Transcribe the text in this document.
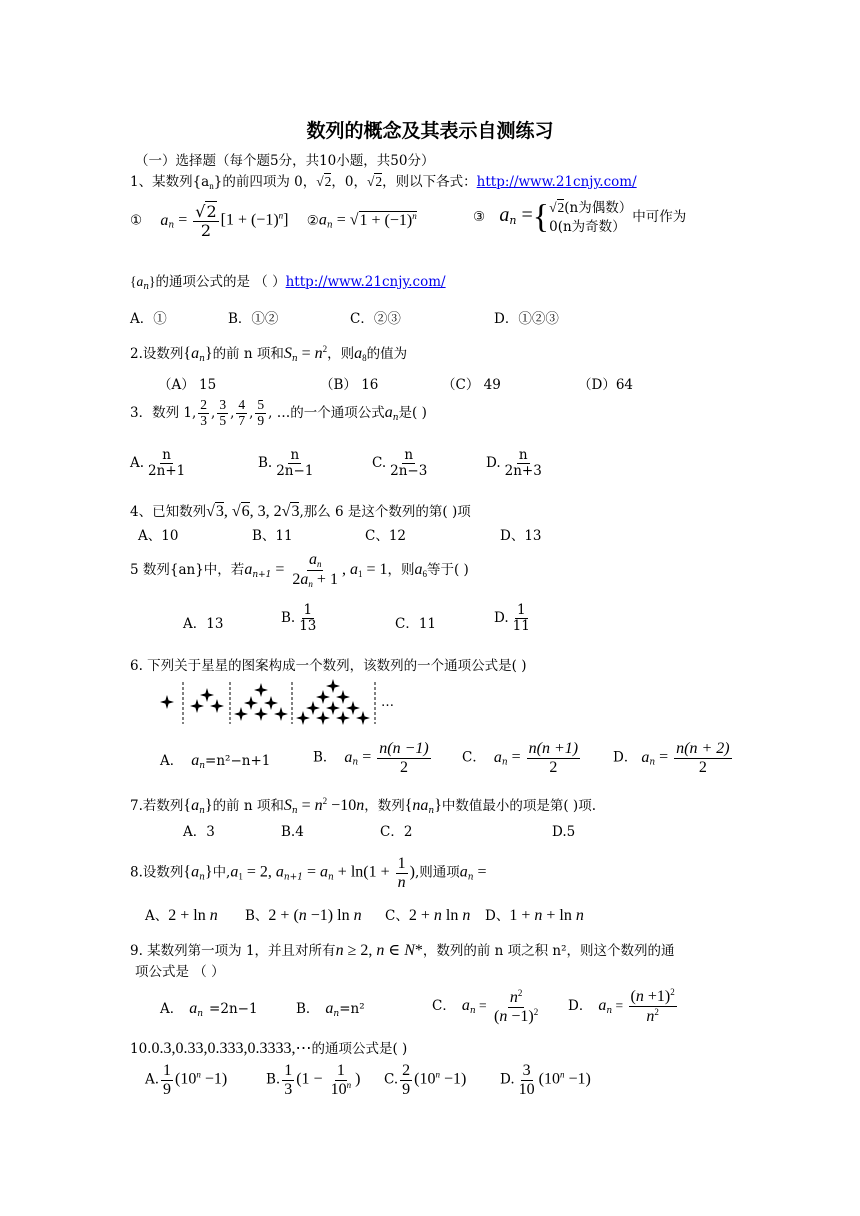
数列的概念及其表示自测练习
（一）选择题（每个题5分，共10小题，共50分）
1、某数列$\{a_n\}$的前四项为 0，√2，0，√2，则以下各式：http://www.21cnjy.com/
① $a_n = \frac{√2}{2} [1 + (-1)^n]$ $②a_n = √1 + (-1)^n$	③ $a_n$ ={ √2(n为偶数）
0(n为奇数）
中可作为
$\{a_n\}$的通项公式的是 （ ）http://www.21cnjy.com/
A．①	B．①②	C．②③	D．①②③
2.设数列$\{a_n\}$的前 n 项和$S_n = n^2$，则$a_8$的值为
（A） 15	（B） 16	（C） 49	（D）64
3．数列 1, $\frac{2}{3}$ , $\frac{3}{5}$ , $\frac{4}{7}$ , $\frac{5}{9}$ , …的一个通项公式$a_n$是( )
A. $\frac{n}{2n+1}$	B. $\frac{n}{2n-1}$	C. $\frac{n}{2n-3}$	D. $\frac{n}{2n+3}$
4、已知数列√3, √6, 3, 2√3,那么 6 是这个数列的第( )项
A、10	B、11	C、12	D、13
5 数列{an}中，若$a_{n+1} = \frac{a_n}{2a_n + 1}$ , $a_1 = 1$，则$a_6$等于( )
A．13	B. $\frac{1}{13}$	C．11	D. $\frac{1}{11}$
6. 下列关于星星的图案构成一个数列，该数列的一个通项公式是( )
…
A． $a_n=n^2-n+1$	B． $a_n = \frac{n(n -1)}{2}$ C． $a_n = \frac{n(n +1)}{2}$ D． $a_n = \frac{n(n + 2)}{2}$
7.若数列$\{a_n\}$的前 n 项和$S_n = n^2 -10n$，数列$\{na_n\}$中数值最小的项是第( )项.
A．3	B.4	C．2	D.5
8.设数列$\{a_n\}$中$,a_1 = 2$, $a_{n+1} = a_n + \ln(1 + \frac{1}{n}$ ),则通项$a_n$ =
A、2 + ln n B、2 + (n −1) ln n C、2 + n ln n D、1 + n + ln n
9. 某数列第一项为 1，并且对所有n ≥ 2, n ∈ N*，数列的前 n 项之积 n²，则这个数列的通
项公式是 （ ）
A． $a_n =2n-1$	B． $a_n=n^2$	C． $a_n = \frac{n^2}{(n -1)^2}$ D． $a_n = \frac{(n +1)^2}{n^2}$
10.0.3,0.33,0.333,0.3333,⋯的通项公式是( )
A. $\frac{1}{9} (10^n -1)$	B. $\frac{1}{3} (1 - \frac{1}{10^n}$ ) C. $\frac{2}{9} (10^n -1)$ D. $\frac{3}{10} (10^n -1)$
